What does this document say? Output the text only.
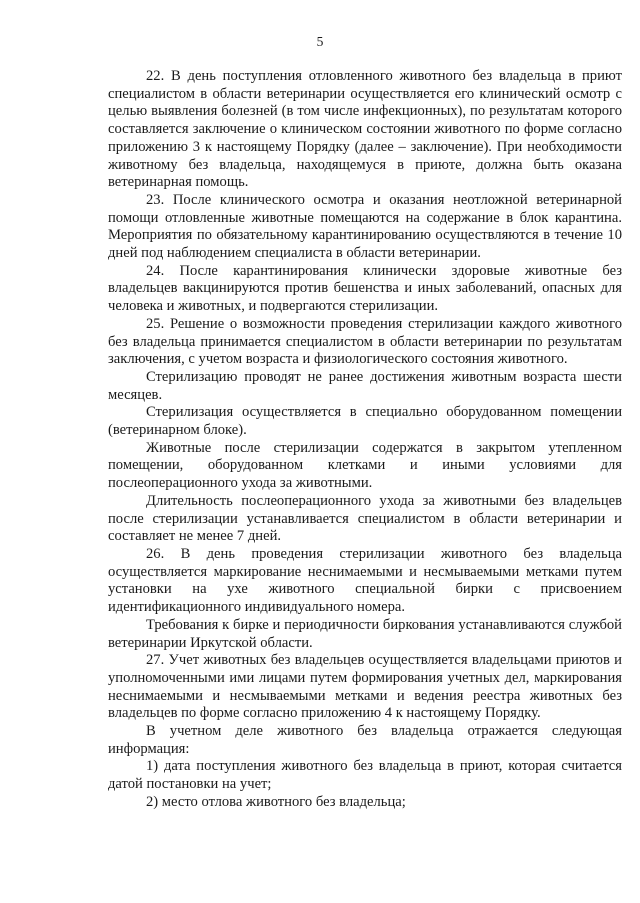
5

22. В день поступления отловленного животного без владельца в приют специалистом в области ветеринарии осуществляется его клинический осмотр с целью выявления болезней (в том числе инфекционных), по результатам которого составляется заключение о клиническом состоянии животного по форме согласно приложению 3 к настоящему Порядку (далее – заключение). При необходимости животному без владельца, находящемуся в приюте, должна быть оказана ветеринарная помощь.

23. После клинического осмотра и оказания неотложной ветеринарной помощи отловленные животные помещаются на содержание в блок карантина. Мероприятия по обязательному карантинированию осуществляются в течение 10 дней под наблюдением специалиста в области ветеринарии.

24. После карантинирования клинически здоровые животные без владельцев вакцинируются против бешенства и иных заболеваний, опасных для человека и животных, и подвергаются стерилизации.

25. Решение о возможности проведения стерилизации каждого животного без владельца принимается специалистом в области ветеринарии по результатам заключения, с учетом возраста и физиологического состояния животного.

Стерилизацию проводят не ранее достижения животным возраста шести месяцев.

Стерилизация осуществляется в специально оборудованном помещении (ветеринарном блоке).

Животные после стерилизации содержатся в закрытом утепленном помещении, оборудованном клетками и иными условиями для послеоперационного ухода за животными.

Длительность послеоперационного ухода за животными без владельцев после стерилизации устанавливается специалистом в области ветеринарии и составляет не менее 7 дней.

26. В день проведения стерилизации животного без владельца осуществляется маркирование неснимаемыми и несмываемыми метками путем установки на ухе животного специальной бирки с присвоением идентификационного индивидуального номера.

Требования к бирке и периодичности биркования устанавливаются службой ветеринарии Иркутской области.

27. Учет животных без владельцев осуществляется владельцами приютов и уполномоченными ими лицами путем формирования учетных дел, маркирования неснимаемыми и несмываемыми метками и ведения реестра животных без владельцев по форме согласно приложению 4 к настоящему Порядку.

В учетном деле животного без владельца отражается следующая информация:

1) дата поступления животного без владельца в приют, которая считается датой постановки на учет;

2) место отлова животного без владельца;
